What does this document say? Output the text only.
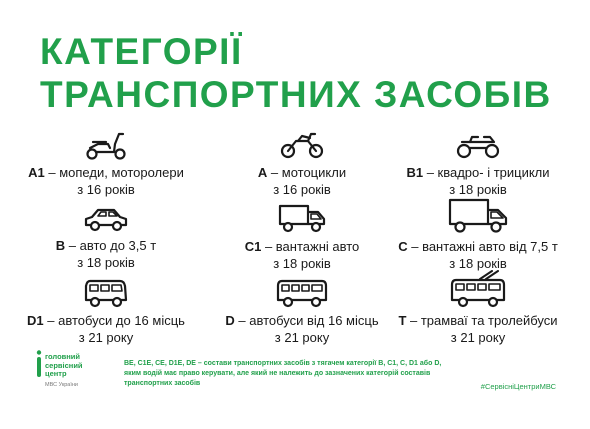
КАТЕГОРІЇ
ТРАНСПОРТНИХ ЗАСОБІВ
A1 – мопеди, моторолери
з 16 років
A – мотоцикли
з 16 років
B1 – квадро- і трицикли
з 18 років
B – авто до 3,5 т
з 18 років
C1 – вантажні авто
з 18 років
C – вантажні авто від 7,5 т
з 18 років
D1 – автобуси до 16 місць
з 21 року
D – автобуси від 16 місць
з 21 року
T – трамваї та тролейбуси
з 21 року
головний
сервісний
центр
МВС України
BE, C1E, CE, D1E, DE – состави транспортних засобів з тягачем категорії B, C1, C, D1 або D, яким водій має право керувати, але який не належить до зазначених категорій составів транспортних засобів	#СервісніЦентриМВС
